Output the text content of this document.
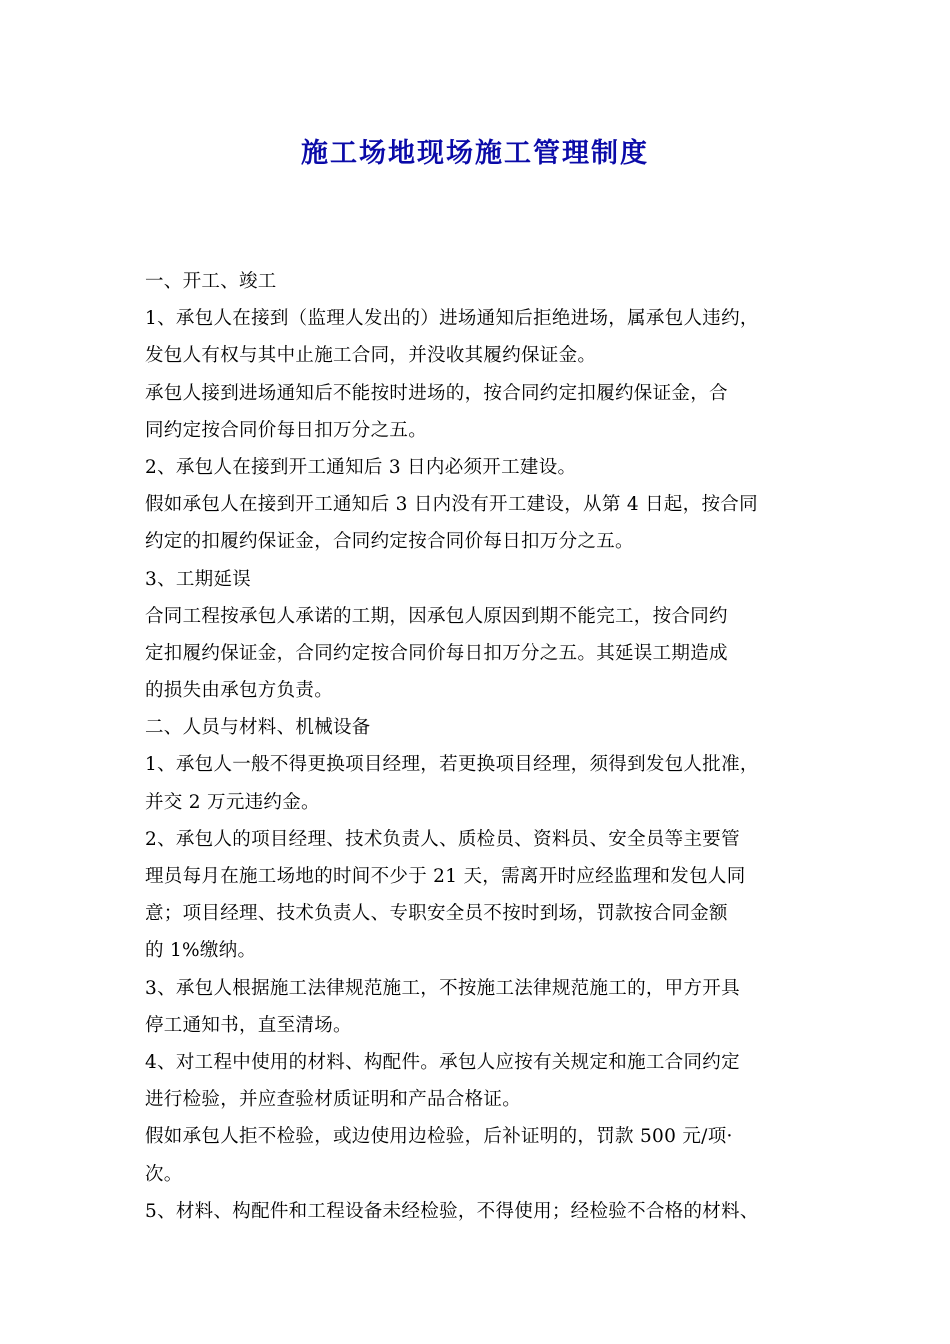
施工场地现场施工管理制度
一、开工、竣工
1、承包人在接到（监理人发出的）进场通知后拒绝进场，属承包人违约，
发包人有权与其中止施工合同，并没收其履约保证金。
承包人接到进场通知后不能按时进场的，按合同约定扣履约保证金，合
同约定按合同价每日扣万分之五。
2、承包人在接到开工通知后 3 日内必须开工建设。
假如承包人在接到开工通知后 3 日内没有开工建设，从第 4 日起，按合同
约定的扣履约保证金，合同约定按合同价每日扣万分之五。
3、工期延误
合同工程按承包人承诺的工期，因承包人原因到期不能完工，按合同约
定扣履约保证金，合同约定按合同价每日扣万分之五。其延误工期造成
的损失由承包方负责。
二、人员与材料、机械设备
1、承包人一般不得更换项目经理，若更换项目经理，须得到发包人批准，
并交 2 万元违约金。
2、承包人的项目经理、技术负责人、质检员、资料员、安全员等主要管
理员每月在施工场地的时间不少于 21 天，需离开时应经监理和发包人同
意；项目经理、技术负责人、专职安全员不按时到场，罚款按合同金额
的 1%缴纳。
3、承包人根据施工法律规范施工，不按施工法律规范施工的，甲方开具
停工通知书，直至清场。
4、对工程中使用的材料、构配件。承包人应按有关规定和施工合同约定
进行检验，并应查验材质证明和产品合格证。
假如承包人拒不检验，或边使用边检验，后补证明的，罚款 500 元/项·
次。
5、材料、构配件和工程设备未经检验，不得使用；经检验不合格的材料、
